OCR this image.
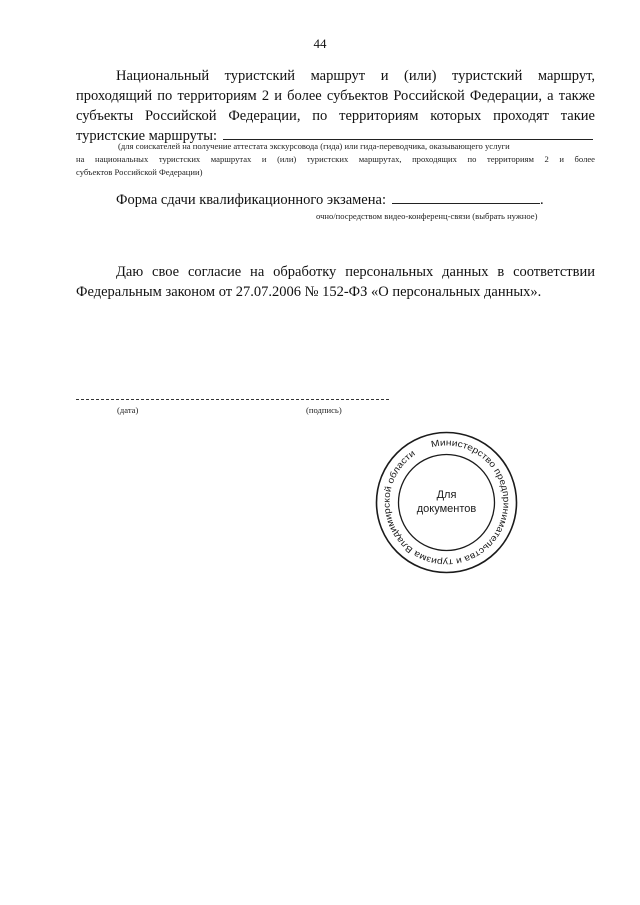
44
Национальный туристский маршрут и (или) туристский маршрут,
проходящий по территориям 2 и более субъектов Российской Федерации, а также
субъекты Российской Федерации, по территориям которых проходят такие
туристские маршруты:
(для соискателей на получение аттестата экскурсовода (гида) или гида-переводчика, оказывающего услуги
на национальных туристских маршрутах и (или) туристских маршрутах, проходящих по территориям 2 и более
субъектов Российской Федерации)
Форма сдачи квалификационного экзамена:	.
очно/посредством видео-конференц-связи (выбрать нужное)
Даю свое согласие на обработку персональных данных в соответствии
Федеральным законом от 27.07.2006 № 152-ФЗ «О персональных данных».
(дата)	(подпись)
Министерство предпринимательства и туризма Владимирской области
Для
документов
